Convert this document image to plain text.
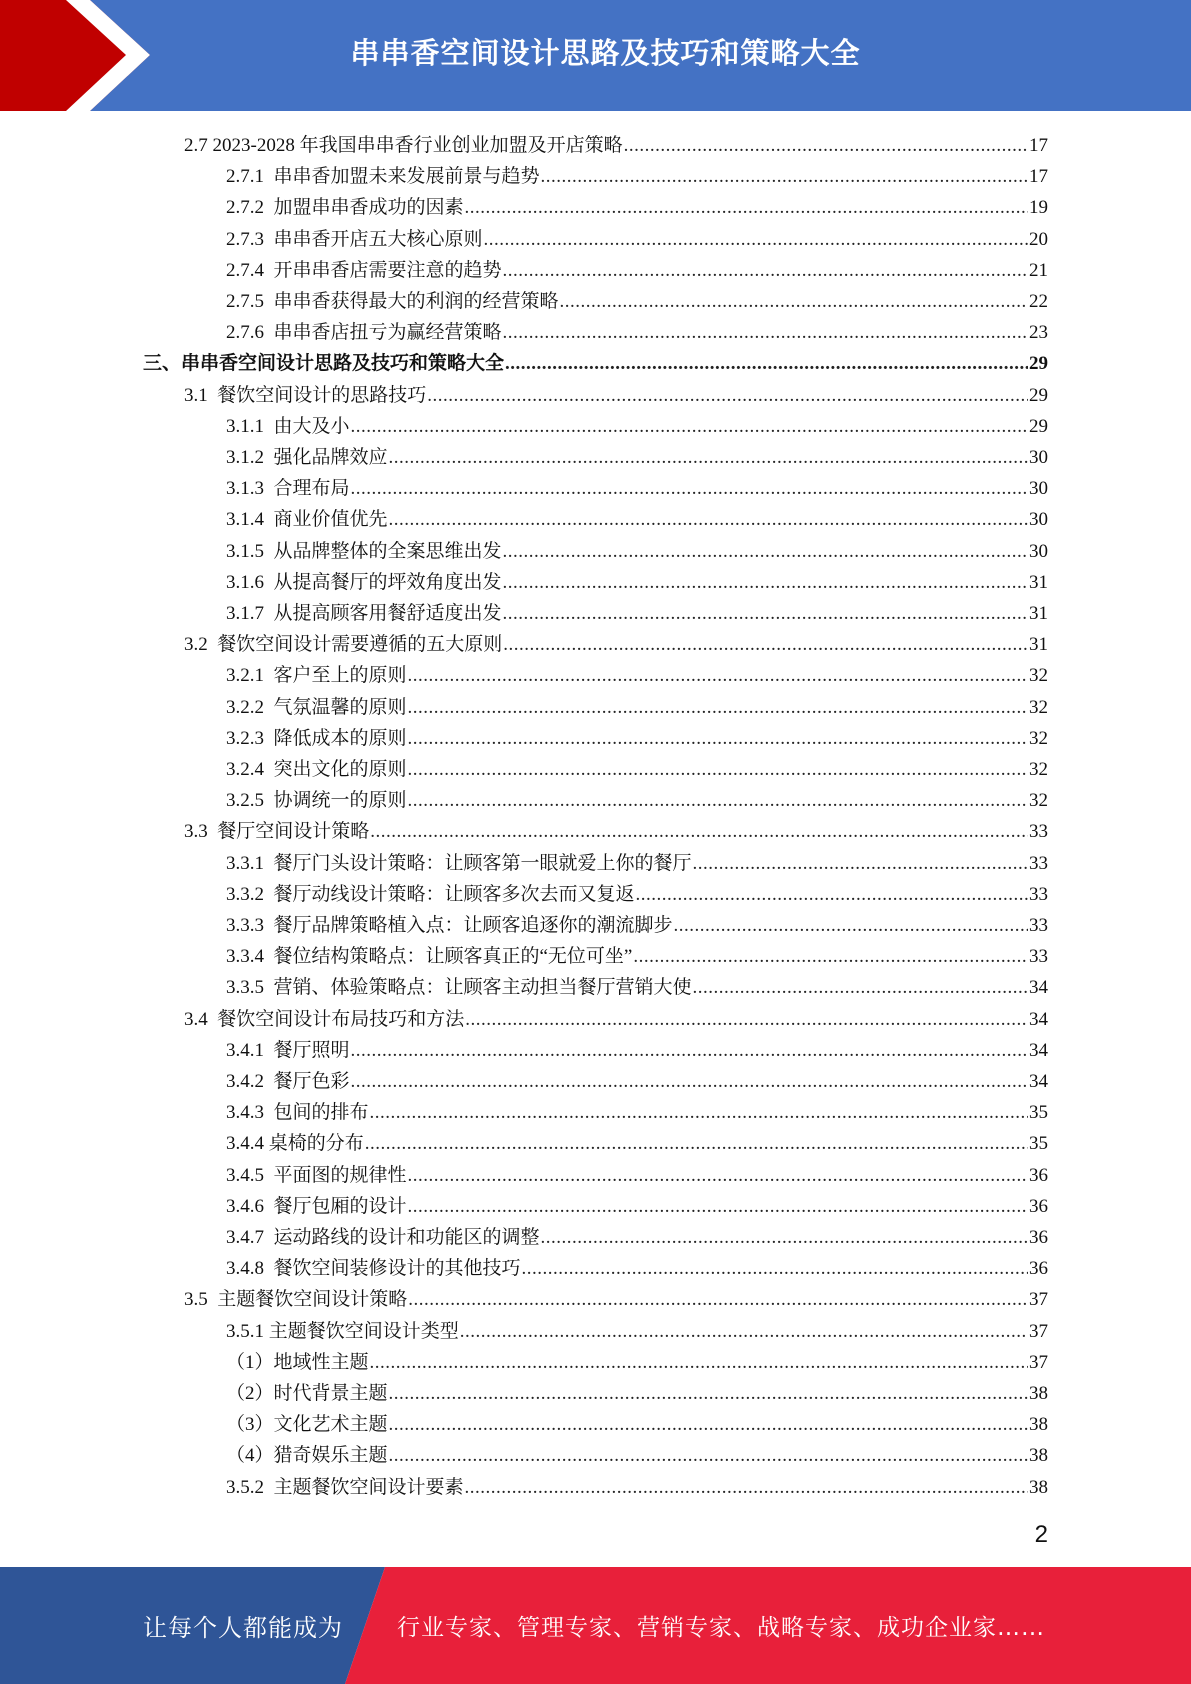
串串香空间设计思路及技巧和策略大全
2.7 2023-2028 年我国串串香行业创业加盟及开店策略 .....	17
2.7.1 串串香加盟未来发展前景与趋势 .....	17
2.7.2 加盟串串香成功的因素 .....	19
2.7.3 串串香开店五大核心原则 .....	20
2.7.4 开串串香店需要注意的趋势 .....	21
2.7.5 串串香获得最大的利润的经营策略 .....	22
2.7.6 串串香店扭亏为赢经营策略 .....	23
三、 串串香空间设计思路及技巧和策略大全 .....	29
3.1 餐饮空间设计的思路技巧 .....	29
3.1.1 由大及小 .....	29
3.1.2 强化品牌效应 .....	30
3.1.3 合理布局 .....	30
3.1.4 商业价值优先 .....	30
3.1.5 从品牌整体的全案思维出发 .....	30
3.1.6 从提高餐厅的坪效角度出发 .....	31
3.1.7 从提高顾客用餐舒适度出发 .....	31
3.2 餐饮空间设计需要遵循的五大原则 .....	31
3.2.1 客户至上的原则 .....	32
3.2.2 气氛温馨的原则 .....	32
3.2.3 降低成本的原则 .....	32
3.2.4 突出文化的原则 .....	32
3.2.5 协调统一的原则 .....	32
3.3 餐厅空间设计策略 .....	33
3.3.1 餐厅门头设计策略：让顾客第一眼就爱上你的餐厅 .....	33
3.3.2 餐厅动线设计策略：让顾客多次去而又复返 .....	33
3.3.3 餐厅品牌策略植入点：让顾客追逐你的潮流脚步 .....	33
3.3.4 餐位结构策略点：让顾客真正的“无位可坐” .....	33
3.3.5 营销、体验策略点：让顾客主动担当餐厅营销大使 .....	34
3.4 餐饮空间设计布局技巧和方法 .....	34
3.4.1 餐厅照明 .....	34
3.4.2 餐厅色彩 .....	34
3.4.3 包间的排布 .....	35
3.4.4 桌椅的分布 .....	35
3.4.5 平面图的规律性 .....	36
3.4.6 餐厅包厢的设计 .....	36
3.4.7 运动路线的设计和功能区的调整 .....	36
3.4.8 餐饮空间装修设计的其他技巧 .....	36
3.5 主题餐饮空间设计策略 .....	37
3.5.1 主题餐饮空间设计类型 .....	37
（1） 地域性主题 .....	37
（2） 时代背景主题 .....	38
（3） 文化艺术主题 .....	38
（4） 猎奇娱乐主题 .....	38
3.5.2 主题餐饮空间设计要素 .....	38
2
让每个人都能成为 行业专家、管理专家、营销专家、战略专家、成功企业家……
